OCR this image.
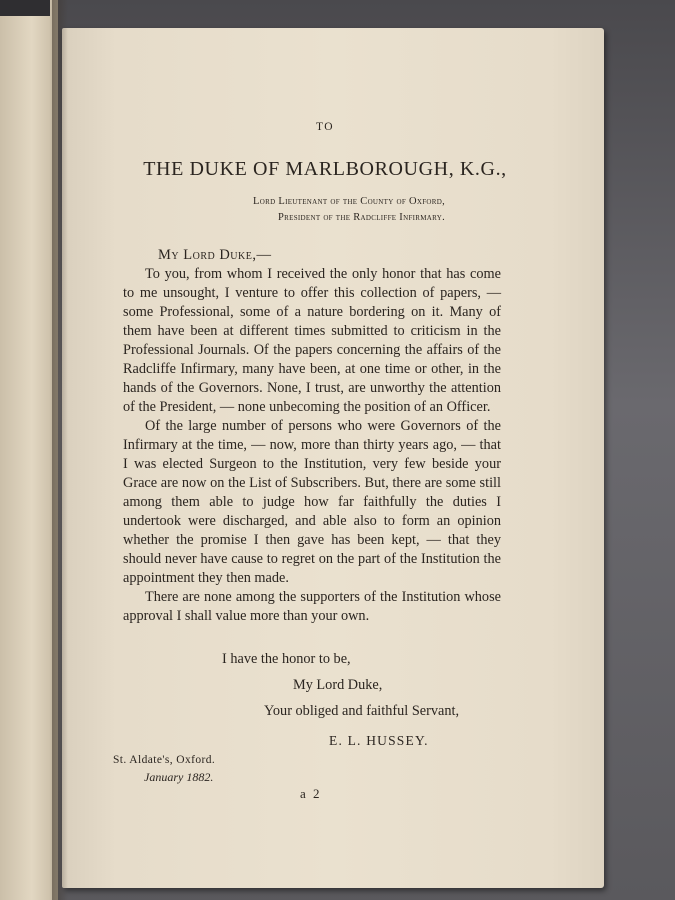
TO
THE DUKE OF MARLBOROUGH, K.G.,
Lord Lieutenant of the County of Oxford,
President of the Radcliffe Infirmary.
My Lord Duke,—

To you, from whom I received the only honor that has come to me unsought, I venture to offer this collection of papers, — some Professional, some of a nature bordering on it. Many of them have been at different times submitted to criticism in the Professional Journals. Of the papers concerning the affairs of the Radcliffe Infirmary, many have been, at one time or other, in the hands of the Governors. None, I trust, are unworthy the attention of the President, — none unbecoming the position of an Officer.

Of the large number of persons who were Governors of the Infirmary at the time, — now, more than thirty years ago, — that I was elected Surgeon to the Institution, very few beside your Grace are now on the List of Subscribers. But, there are some still among them able to judge how far faithfully the duties I undertook were discharged, and able also to form an opinion whether the promise I then gave has been kept, — that they should never have cause to regret on the part of the Institution the appointment they then made.

There are none among the supporters of the Institution whose approval I shall value more than your own.

I have the honor to be,
My Lord Duke,
Your obliged and faithful Servant,
E. L. HUSSEY.
St. Aldate's, Oxford.
January 1882.
a 2
